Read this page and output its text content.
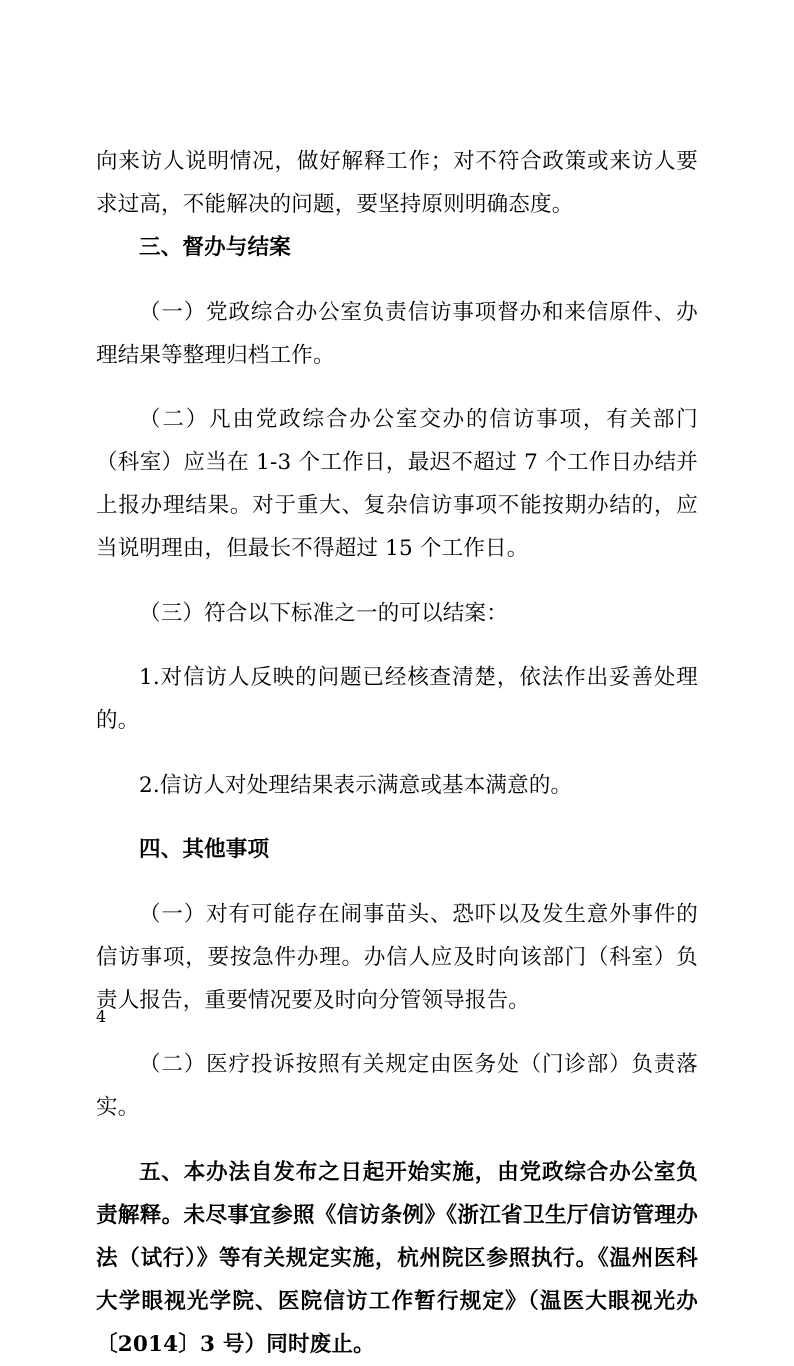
向来访人说明情况，做好解释工作；对不符合政策或来访人要求过高，不能解决的问题，要坚持原则明确态度。

三、督办与结案

（一）党政综合办公室负责信访事项督办和来信原件、办理结果等整理归档工作。

（二）凡由党政综合办公室交办的信访事项，有关部门（科室）应当在 1-3 个工作日，最迟不超过 7 个工作日办结并上报办理结果。对于重大、复杂信访事项不能按期办结的，应当说明理由，但最长不得超过 15 个工作日。

（三）符合以下标准之一的可以结案：

1.对信访人反映的问题已经核查清楚，依法作出妥善处理的。

2.信访人对处理结果表示满意或基本满意的。

四、其他事项

（一）对有可能存在闹事苗头、恐吓以及发生意外事件的信访事项，要按急件办理。办信人应及时向该部门（科室）负责人报告，重要情况要及时向分管领导报告。

（二）医疗投诉按照有关规定由医务处（门诊部）负责落实。

五、本办法自发布之日起开始实施，由党政综合办公室负责解释。未尽事宜参照《信访条例》《浙江省卫生厅信访管理办法（试行）》等有关规定实施，杭州院区参照执行。《温州医科大学眼视光学院、医院信访工作暂行规定》（温医大眼视光办〔2014〕3 号）同时废止。

4
